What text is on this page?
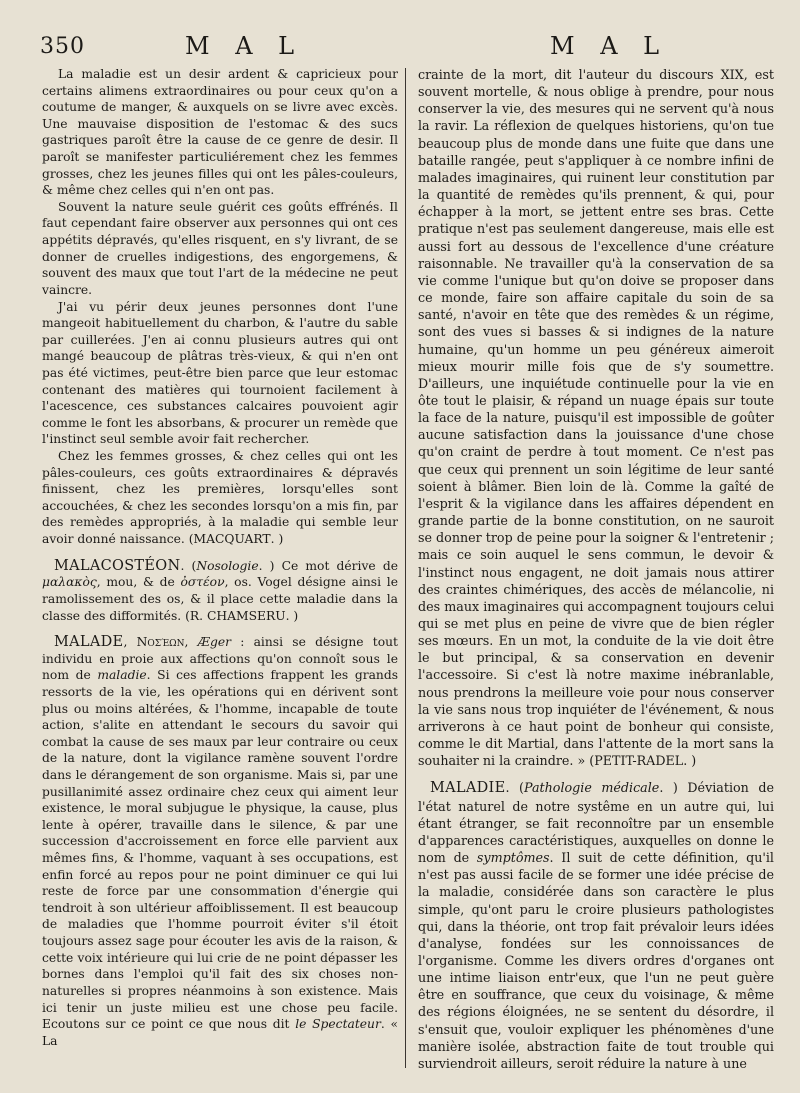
350	M A L	M A L

La maladie est un desir ardent & capricieux pour certains alimens extraordinaires ou pour ceux qu'on a coutume de manger, & auxquels on se livre avec excès. Une mauvaise disposition de l'estomac & des sucs gastriques paroît être la cause de ce genre de desir. Il paroît se manifester particuliérement chez les femmes grosses, chez les jeunes filles qui ont les pâles-couleurs, & même chez celles qui n'en ont pas.

Souvent la nature seule guérit ces goûts effrénés. Il faut cependant faire observer aux personnes qui ont ces appétits dépravés, qu'elles risquent, en s'y livrant, de se donner de cruelles indigestions, des engorgemens, & souvent des maux que tout l'art de la médecine ne peut vaincre.

J'ai vu périr deux jeunes personnes dont l'une mangeoit habituellement du charbon, & l'autre du sable par cuillerées. J'en ai connu plusieurs autres qui ont mangé beaucoup de plâtras très-vieux, & qui n'en ont pas été victimes, peut-être bien parce que leur estomac contenant des matières qui tournoient facilement à l'acescence, ces substances calcaires pouvoient agir comme le font les absorbans, & procurer un remède que l'instinct seul semble avoir fait rechercher.

Chez les femmes grosses, & chez celles qui ont les pâles-couleurs, ces goûts extraordinaires & dépravés finissent, chez les premières, lorsqu'elles sont accouchées, & chez les secondes lorsqu'on a mis fin, par des remèdes appropriés, à la maladie qui semble leur avoir donné naissance. (MACQUART. )

MALACOSTÉON. (Nosologie. ) Ce mot dérive de μαλακὸς, mou, & de ὀστέον, os. Vogel désigne ainsi le ramolissement des os, & il place cette maladie dans la classe des difformités. (R. CHAMSERU. )

MALADE, Νοσέων, Æger : ainsi se désigne tout individu en proie aux affections qu'on connoît sous le nom de maladie. Si ces affections frappent les grands ressorts de la vie, les opérations qui en dérivent sont plus ou moins altérées, & l'homme, incapable de toute action, s'alite en attendant le secours du savoir qui combat la cause de ses maux par leur contraire ou ceux de la nature, dont la vigilance ramène souvent l'ordre dans le dérangement de son organisme. Mais si, par une pusillanimité assez ordinaire chez ceux qui aiment leur existence, le moral subjugue le physique, la cause, plus lente à opérer, travaille dans le silence, & par une succession d'accroissement en force elle parvient aux mêmes fins, & l'homme, vaquant à ses occupations, est enfin forcé au repos pour ne point diminuer ce qui lui reste de force par une consommation d'énergie qui tendroit à son ultérieur affoiblissement. Il est beaucoup de maladies que l'homme pourroit éviter s'il étoit toujours assez sage pour écouter les avis de la raison, & cette voix intérieure qui lui crie de ne point dépasser les bornes dans l'emploi qu'il fait des six choses non-naturelles si propres néanmoins à son existence. Mais ici tenir un juste milieu est une chose peu facile. Ecoutons sur ce point ce que nous dit le Spectateur. « La

crainte de la mort, dit l'auteur du discours XIX, est souvent mortelle, & nous oblige à prendre, pour nous conserver la vie, des mesures qui ne servent qu'à nous la ravir. La réflexion de quelques historiens, qu'on tue beaucoup plus de monde dans une fuite que dans une bataille rangée, peut s'appliquer à ce nombre infini de malades imaginaires, qui ruinent leur constitution par la quantité de remèdes qu'ils prennent, & qui, pour échapper à la mort, se jettent entre ses bras. Cette pratique n'est pas seulement dangereuse, mais elle est aussi fort au dessous de l'excellence d'une créature raisonnable. Ne travailler qu'à la conservation de sa vie comme l'unique but qu'on doive se proposer dans ce monde, faire son affaire capitale du soin de sa santé, n'avoir en tête que des remèdes & un régime, sont des vues si basses & si indignes de la nature humaine, qu'un homme un peu généreux aimeroit mieux mourir mille fois que de s'y soumettre. D'ailleurs, une inquiétude continuelle pour la vie en ôte tout le plaisir, & répand un nuage épais sur toute la face de la nature, puisqu'il est impossible de goûter aucune satisfaction dans la jouissance d'une chose qu'on craint de perdre à tout moment. Ce n'est pas que ceux qui prennent un soin légitime de leur santé soient à blâmer. Bien loin de là. Comme la gaîté de l'esprit & la vigilance dans les affaires dépendent en grande partie de la bonne constitution, on ne sauroit se donner trop de peine pour la soigner & l'entretenir ; mais ce soin auquel le sens commun, le devoir & l'instinct nous engagent, ne doit jamais nous attirer des craintes chimériques, des accès de mélancolie, ni des maux imaginaires qui accompagnent toujours celui qui se met plus en peine de vivre que de bien régler ses mœurs. En un mot, la conduite de la vie doit être le but principal, & sa conservation en devenir l'accessoire. Si c'est là notre maxime inébranlable, nous prendrons la meilleure voie pour nous conserver la vie sans nous trop inquiéter de l'événement, & nous arriverons à ce haut point de bonheur qui consiste, comme le dit Martial, dans l'attente de la mort sans la souhaiter ni la craindre. » (PETIT-RADEL. )

MALADIE. (Pathologie médicale. ) Déviation de l'état naturel de notre systême en un autre qui, lui étant étranger, se fait reconnoître par un ensemble d'apparences caractéristiques, auxquelles on donne le nom de symptômes. Il suit de cette définition, qu'il n'est pas aussi facile de se former une idée précise de la maladie, considérée dans son caractère le plus simple, qu'ont paru le croire plusieurs pathologistes qui, dans la théorie, ont trop fait prévaloir leurs idées d'analyse, fondées sur les connoissances de l'organisme. Comme les divers ordres d'organes ont une intime liaison entr'eux, que l'un ne peut guère être en souffrance, que ceux du voisinage, & même des régions éloignées, ne se sentent du désordre, il s'ensuit que, vouloir expliquer les phénomènes d'une manière isolée, abstraction faite de tout trouble qui surviendroit ailleurs, seroit réduire la nature à une
